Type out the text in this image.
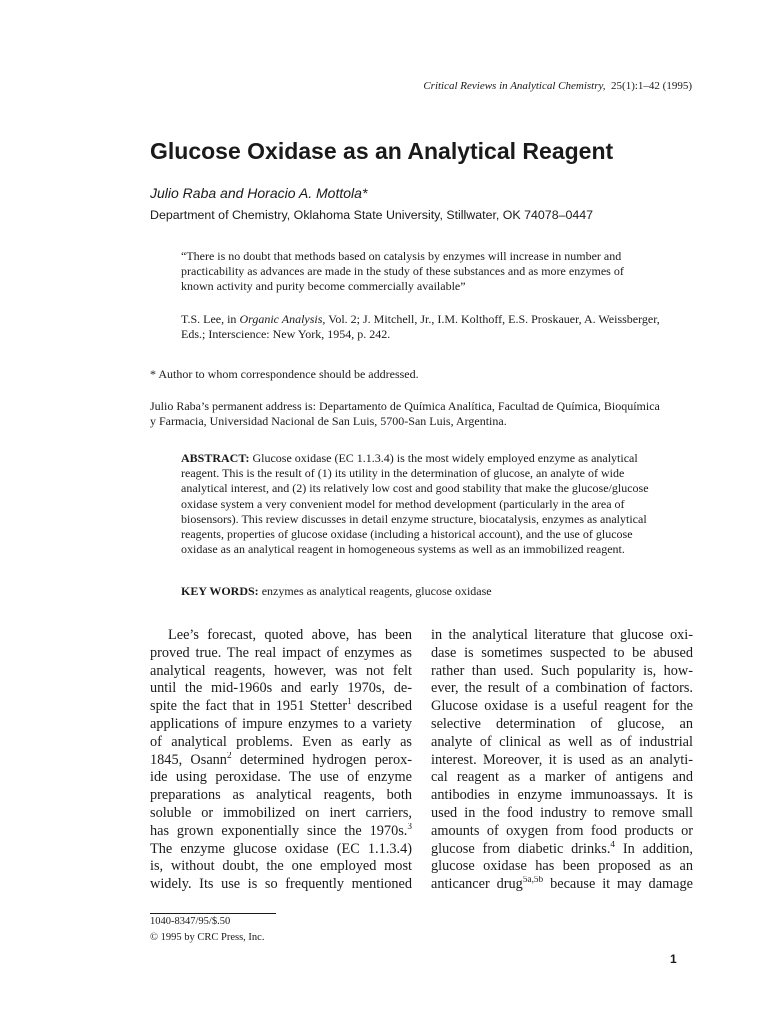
Critical Reviews in Analytical Chemistry, 25(1):1–42 (1995)
Glucose Oxidase as an Analytical Reagent
Julio Raba and Horacio A. Mottola*
Department of Chemistry, Oklahoma State University, Stillwater, OK 74078–0447
“There is no doubt that methods based on catalysis by enzymes will increase in number and
practicability as advances are made in the study of these substances and as more enzymes of
known activity and purity become commercially available”
T.S. Lee, in Organic Analysis, Vol. 2; J. Mitchell, Jr., I.M. Kolthoff, E.S. Proskauer, A. Weissberger,
Eds.; Interscience: New York, 1954, p. 242.
* Author to whom correspondence should be addressed.
Julio Raba’s permanent address is: Departamento de Química Analítica, Facultad de Química, Bioquímica
y Farmacia, Universidad Nacional de San Luis, 5700-San Luis, Argentina.
ABSTRACT: Glucose oxidase (EC 1.1.3.4) is the most widely employed enzyme as analytical
reagent. This is the result of (1) its utility in the determination of glucose, an analyte of wide
analytical interest, and (2) its relatively low cost and good stability that make the glucose/glucose
oxidase system a very convenient model for method development (particularly in the area of
biosensors). This review discusses in detail enzyme structure, biocatalysis, enzymes as analytical
reagents, properties of glucose oxidase (including a historical account), and the use of glucose
oxidase as an analytical reagent in homogeneous systems as well as an immobilized reagent.
KEY WORDS: enzymes as analytical reagents, glucose oxidase
Lee’s forecast, quoted above, has been
proved true. The real impact of enzymes as
analytical reagents, however, was not felt
until the mid-1960s and early 1970s, de-
spite the fact that in 1951 Stetter$^1$ described
applications of impure enzymes to a variety
of analytical problems. Even as early as
1845, Osann$^2$ determined hydrogen perox-
ide using peroxidase. The use of enzyme
preparations as analytical reagents, both
soluble or immobilized on inert carriers,
has grown exponentially since the 1970s.$^3$
The enzyme glucose oxidase (EC 1.1.3.4)
is, without doubt, the one employed most
widely. Its use is so frequently mentioned
in the analytical literature that glucose oxi-
dase is sometimes suspected to be abused
rather than used. Such popularity is, how-
ever, the result of a combination of factors.
Glucose oxidase is a useful reagent for the
selective determination of glucose, an
analyte of clinical as well as of industrial
interest. Moreover, it is used as an analyti-
cal reagent as a marker of antigens and
antibodies in enzyme immunoassays. It is
used in the food industry to remove small
amounts of oxygen from food products or
glucose from diabetic drinks.$^4$ In addition,
glucose oxidase has been proposed as an
anticancer drug$^{5a,5b}$ because it may damage
1040-8347/95/$.50
© 1995 by CRC Press, Inc.
1
